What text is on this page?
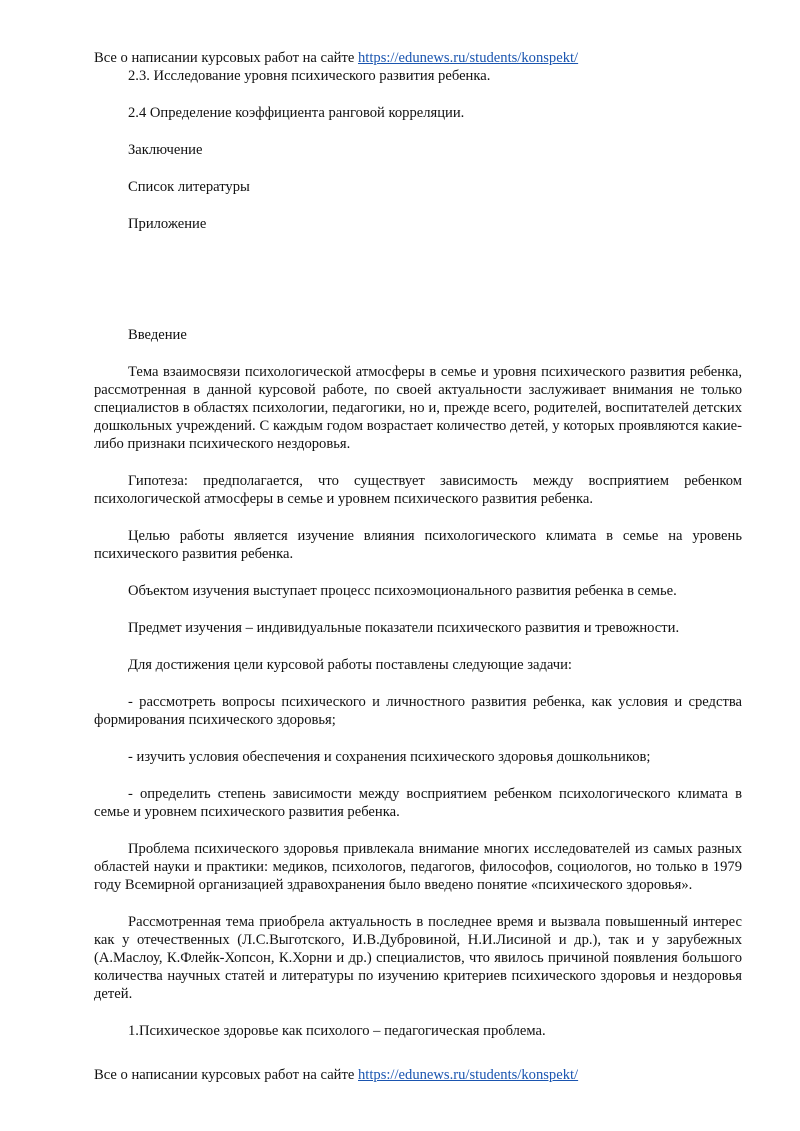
Все о написании курсовых работ на сайте https://edunews.ru/students/konspekt/

2.3. Исследование уровня психического развития ребенка.

2.4 Определение коэффициента ранговой корреляции.

Заключение

Список литературы

Приложение

Введение

Тема взаимосвязи психологической атмосферы в семье и уровня психического развития ребенка, рассмотренная в данной курсовой работе, по своей актуальности заслуживает внимания не только специалистов в областях психологии, педагогики, но и, прежде всего, родителей, воспитателей детских дошкольных учреждений. С каждым годом возрастает количество детей, у которых проявляются какие-либо признаки психического нездоровья.

Гипотеза: предполагается, что существует зависимость между восприятием ребенком психологической атмосферы в семье и уровнем психического развития ребенка.

Целью работы является изучение влияния психологического климата в семье на уровень психического развития ребенка.

Объектом изучения выступает процесс психоэмоционального развития ребенка в семье.

Предмет изучения – индивидуальные показатели психического развития и тревожности.

Для достижения цели курсовой работы поставлены следующие задачи:

- рассмотреть вопросы психического и личностного развития ребенка, как условия и средства формирования психического здоровья;

- изучить условия обеспечения и сохранения психического здоровья дошкольников;

- определить степень зависимости между восприятием ребенком психологического климата в семье и уровнем психического развития ребенка.

Проблема психического здоровья привлекала внимание многих исследователей из самых разных областей науки и практики: медиков, психологов, педагогов, философов, социологов, но только в 1979 году Всемирной организацией здравохранения было введено понятие «психического здоровья».

Рассмотренная тема приобрела актуальность в последнее время и вызвала повышенный интерес как у отечественных (Л.С.Выготского, И.В.Дубровиной, Н.И.Лисиной и др.), так и у зарубежных (А.Маслоу, К.Флейк-Хопсон, К.Хорни и др.) специалистов, что явилось причиной появления большого количества научных статей и литературы по изучению критериев психического здоровья и нездоровья детей.

1.Психическое здоровье как психолого – педагогическая проблема.

Все о написании курсовых работ на сайте https://edunews.ru/students/konspekt/
